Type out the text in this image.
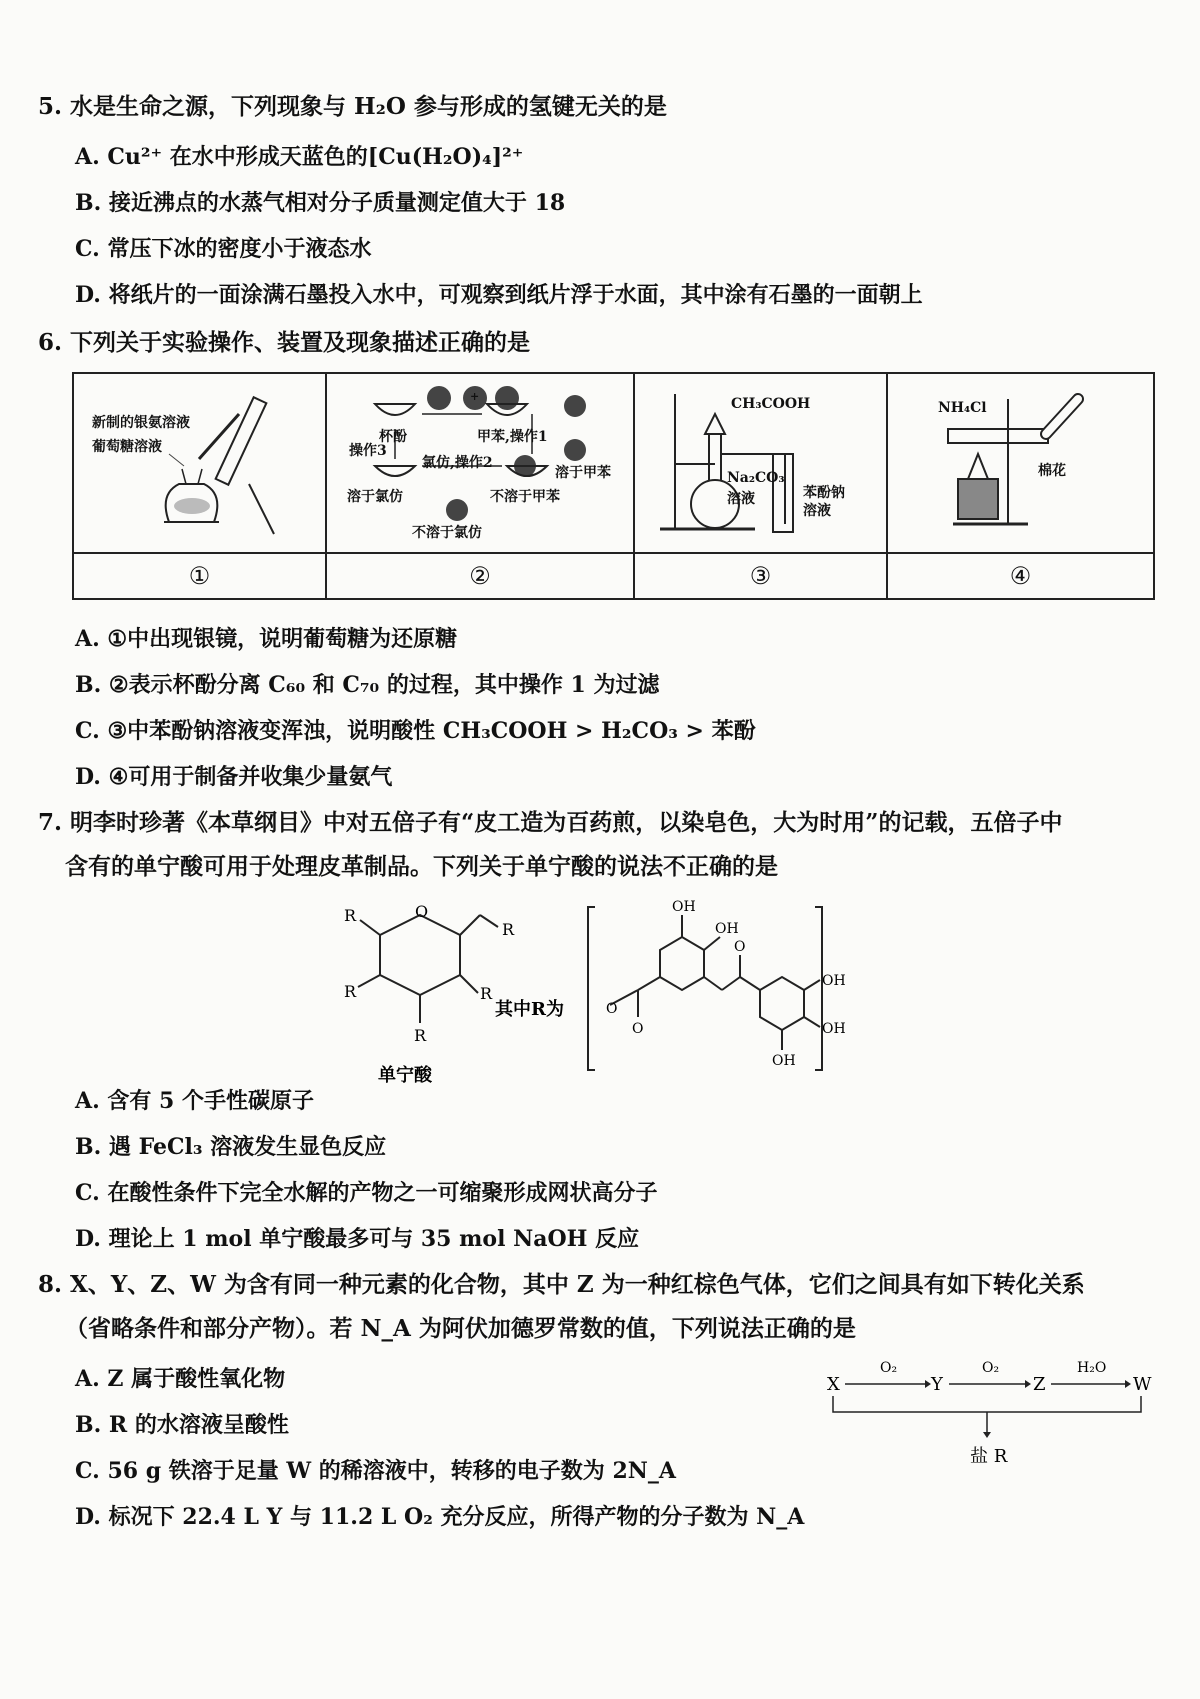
5. 水是生命之源，下列现象与 H₂O 参与形成的氢键无关的是
A. Cu²⁺ 在水中形成天蓝色的[Cu(H₂O)₄]²⁺
B. 接近沸点的水蒸气相对分子质量测定值大于 18
C. 常压下冰的密度小于液态水
D. 将纸片的一面涂满石墨投入水中，可观察到纸片浮于水面，其中涂有石墨的一面朝上
6. 下列关于实验操作、装置及现象描述正确的是
新制的银氨溶液
葡萄糖溶液
+
杯酚	甲苯,操作1
操作3
氯仿,操作2
溶于甲苯
溶于氯仿	不溶于甲苯
不溶于氯仿
CH₃COOH
Na₂CO₃
溶液	苯酚钠
溶液
NH₄Cl
棉花
①	②	③	④
A. ①中出现银镜，说明葡萄糖为还原糖
B. ②表示杯酚分离 C₆₀ 和 C₇₀ 的过程，其中操作 1 为过滤
C. ③中苯酚钠溶液变浑浊，说明酸性 CH₃COOH > H₂CO₃ > 苯酚
D. ④可用于制备并收集少量氨气
7. 明李时珍著《本草纲目》中对五倍子有“皮工造为百药煎，以染皂色，大为时用”的记载，五倍子中
含有的单宁酸可用于处理皮革制品。下列关于单宁酸的说法不正确的是
R	O
R
R	R
R
单宁酸
其中R为	O
O
OH
OH
O
OH
OH
OH
A. 含有 5 个手性碳原子
B. 遇 FeCl₃ 溶液发生显色反应
C. 在酸性条件下完全水解的产物之一可缩聚形成网状高分子
D. 理论上 1 mol 单宁酸最多可与 35 mol NaOH 反应
8. X、Y、Z、W 为含有同一种元素的化合物，其中 Z 为一种红棕色气体，它们之间具有如下转化关系
（省略条件和部分产物）。若 N_A 为阿伏加德罗常数的值，下列说法正确的是
A. Z 属于酸性氧化物
B. R 的水溶液呈酸性
C. 56 g 铁溶于足量 W 的稀溶液中，转移的电子数为 2N_A
D. 标况下 22.4 L Y 与 11.2 L O₂ 充分反应，所得产物的分子数为 N_A
X	Y	Z	W
O₂	O₂	H₂O
盐 R
